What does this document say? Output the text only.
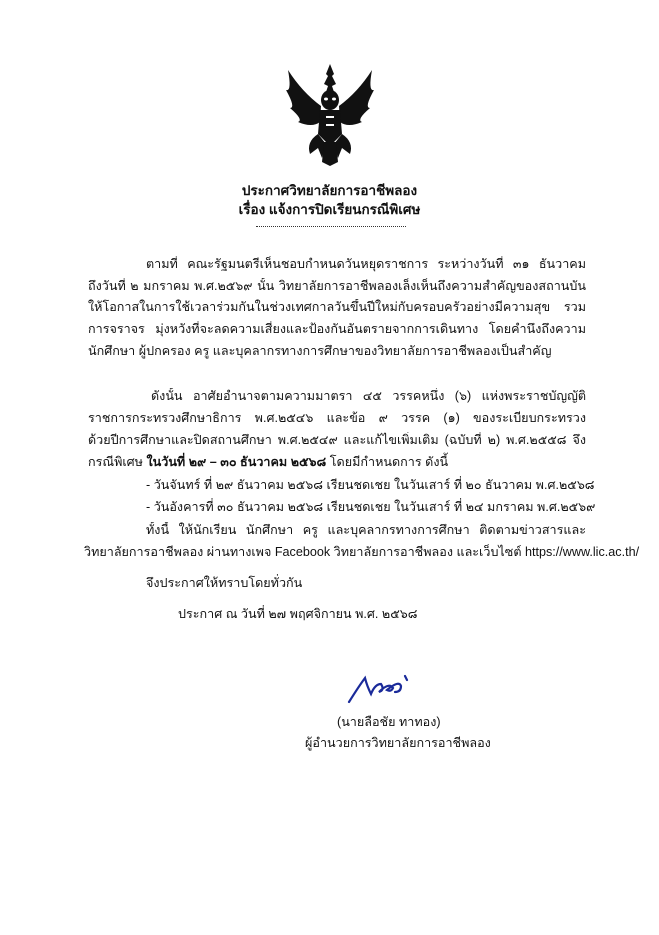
ประกาศวิทยาลัยการอาชีพลอง
เรื่อง แจ้งการปิดเรียนกรณีพิเศษ
ตามที่ คณะรัฐมนตรีเห็นชอบกำหนดวันหยุดราชการ ระหว่างวันที่ ๓๑ ธันวาคม
ถึงวันที่ ๒ มกราคม พ.ศ.๒๕๖๙ นั้น วิทยาลัยการอาชีพลองเล็งเห็นถึงความสำคัญของสถานบัน
ให้โอกาสในการใช้เวลาร่วมกันในช่วงเทศกาลวันขึ้นปีใหม่กับครอบครัวอย่างมีความสุข รวม
การจราจร มุ่งหวังที่จะลดความเสี่ยงและป้องกันอันตรายจากการเดินทาง โดยคำนึงถึงความ
นักศึกษา ผู้ปกครอง ครู และบุคลากรทางการศึกษาของวิทยาลัยการอาชีพลองเป็นสำคัญ
ดังนั้น อาศัยอำนาจตามความมาตรา ๔๕ วรรคหนึ่ง (๖) แห่งพระราชบัญญัติ
ราชการกระทรวงศึกษาธิการ พ.ศ.๒๕๔๖ และข้อ ๙ วรรค (๑) ของระเบียบกระทรวง
ด้วยปีการศึกษาและปิดสถานศึกษา พ.ศ.๒๕๔๙ และแก้ไขเพิ่มเติม (ฉบับที่ ๒) พ.ศ.๒๕๕๘ จึง
กรณีพิเศษ ในวันที่ ๒๙ – ๓๐ ธันวาคม ๒๕๖๘ โดยมีกำหนดการ ดังนี้
- วันจันทร์ ที่ ๒๙ ธันวาคม ๒๕๖๘ เรียนชดเชย ในวันเสาร์ ที่ ๒๐ ธันวาคม พ.ศ.๒๕๖๘
- วันอังคารที่ ๓๐ ธันวาคม ๒๕๖๘ เรียนชดเชย ในวันเสาร์ ที่ ๒๔ มกราคม พ.ศ.๒๕๖๙
ทั้งนี้ ให้นักเรียน นักศึกษา ครู และบุคลากรทางการศึกษา ติดตามข่าวสารและ
วิทยาลัยการอาชีพลอง ผ่านทางเพจ Facebook วิทยาลัยการอาชีพลอง และเว็บไซต์ https://www.lic.ac.th/
จึงประกาศให้ทราบโดยทั่วกัน
ประกาศ ณ วันที่ ๒๗ พฤศจิกายน พ.ศ. ๒๕๖๘
(นายลือชัย ทาทอง)
ผู้อำนวยการวิทยาลัยการอาชีพลอง
